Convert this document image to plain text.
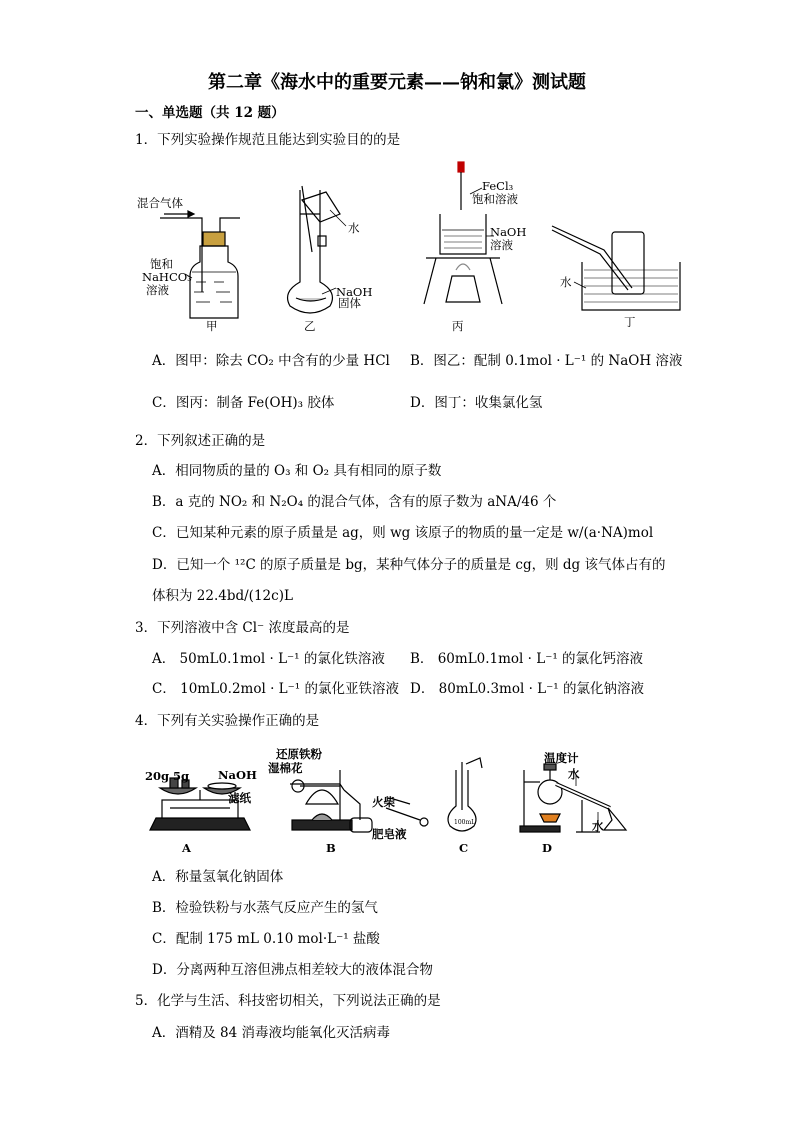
第二章《海水中的重要元素——钠和氯》测试题
一、单选题（共 12 题）
1．下列实验操作规范且能达到实验目的的是
混合气体
饱和
NaHCO₃
溶液
甲
水
NaOH
固体
乙
FeCl₃
饱和溶液
NaOH
溶液
丙
水
丁
A．图甲：除去 CO₂ 中含有的少量 HCl B．图乙：配制 0.1mol · L⁻¹ 的 NaOH 溶液
C．图丙：制备 Fe(OH)₃ 胶体	D．图丁：收集氯化氢
2．下列叙述正确的是
A．相同物质的量的 O₃ 和 O₂ 具有相同的原子数
B．a 克的 NO₂ 和 N₂O₄ 的混合气体，含有的原子数为 aNA/46 个
C．已知某种元素的原子质量是 ag，则 wg 该原子的物质的量一定是 w/(a·NA)mol
D．已知一个 ¹²C 的原子质量是 bg，某种气体分子的质量是 cg，则 dg 该气体占有的
体积为 22.4bd/(12c)L
3．下列溶液中含 Cl⁻ 浓度最高的是
A． 50mL0.1mol · L⁻¹ 的氯化铁溶液 B． 60mL0.1mol · L⁻¹ 的氯化钙溶液
C． 10mL0.2mol · L⁻¹ 的氯化亚铁溶液 D． 80mL0.3mol · L⁻¹ 的氯化钠溶液
4．下列有关实验操作正确的是
20g 5g	NaOH
滤纸
A
还原铁粉
湿棉花
火柴
肥皂液
B	C	D
温度计
水
水
100mL
A．称量氢氧化钠固体
B．检验铁粉与水蒸气反应产生的氢气
C．配制 175 mL 0.10 mol·L⁻¹ 盐酸
D．分离两种互溶但沸点相差较大的液体混合物
5．化学与生活、科技密切相关，下列说法正确的是
A．酒精及 84 消毒液均能氧化灭活病毒
